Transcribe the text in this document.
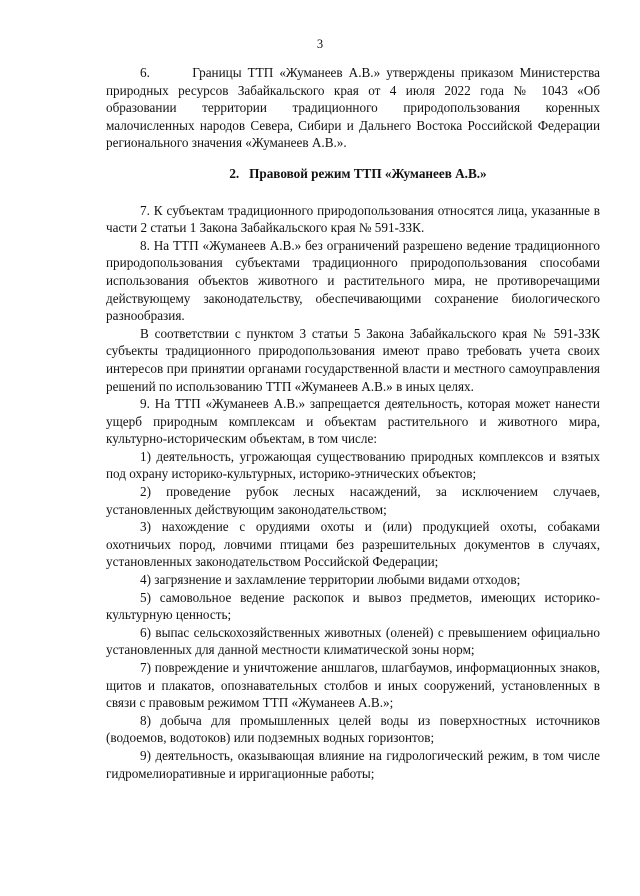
3

6.       Границы ТТП «Жуманеев А.В.» утверждены приказом Министерства природных ресурсов Забайкальского края от 4 июля 2022 года № 1043 «Об образовании территории традиционного природопользования коренных малочисленных народов Севера, Сибири и Дальнего Востока Российской Федерации регионального значения «Жуманеев А.В.».

2.   Правовой режим ТТП «Жуманеев А.В.»

7. К субъектам традиционного природопользования относятся лица, указанные в части 2 статьи 1 Закона Забайкальского края № 591-ЗЗК.

8. На ТТП «Жуманеев А.В.» без ограничений разрешено ведение традиционного природопользования субъектами традиционного природопользования способами использования объектов животного и растительного мира, не противоречащими действующему законодательству, обеспечивающими сохранение биологического разнообразия.

В соответствии с пунктом 3 статьи 5 Закона Забайкальского края № 591-ЗЗК субъекты традиционного природопользования имеют право требовать учета своих интересов при принятии органами государственной власти и местного самоуправления решений по использованию ТТП «Жуманеев А.В.» в иных целях.

9. На ТТП «Жуманеев А.В.» запрещается деятельность, которая может нанести ущерб природным комплексам и объектам растительного и животного мира, культурно-историческим объектам, в том числе:

1) деятельность, угрожающая существованию природных комплексов и взятых под охрану историко-культурных, историко-этнических объектов;

2) проведение рубок лесных насаждений, за исключением случаев, установленных действующим законодательством;

3) нахождение с орудиями охоты и (или) продукцией охоты, собаками охотничьих пород, ловчими птицами без разрешительных документов в случаях, установленных законодательством Российской Федерации;

4) загрязнение и захламление территории любыми видами отходов;

5) самовольное ведение раскопок и вывоз предметов, имеющих историко-культурную ценность;

6) выпас сельскохозяйственных животных (оленей) с превышением официально установленных для данной местности климатической зоны норм;

7) повреждение и уничтожение аншлагов, шлагбаумов, информационных знаков, щитов и плакатов, опознавательных столбов и иных сооружений, установленных в связи с правовым режимом ТТП «Жуманеев А.В.»;

8) добыча для промышленных целей воды из поверхностных источников (водоемов, водотоков) или подземных водных горизонтов;

9) деятельность, оказывающая влияние на гидрологический режим, в том числе гидромелиоративные и ирригационные работы;
